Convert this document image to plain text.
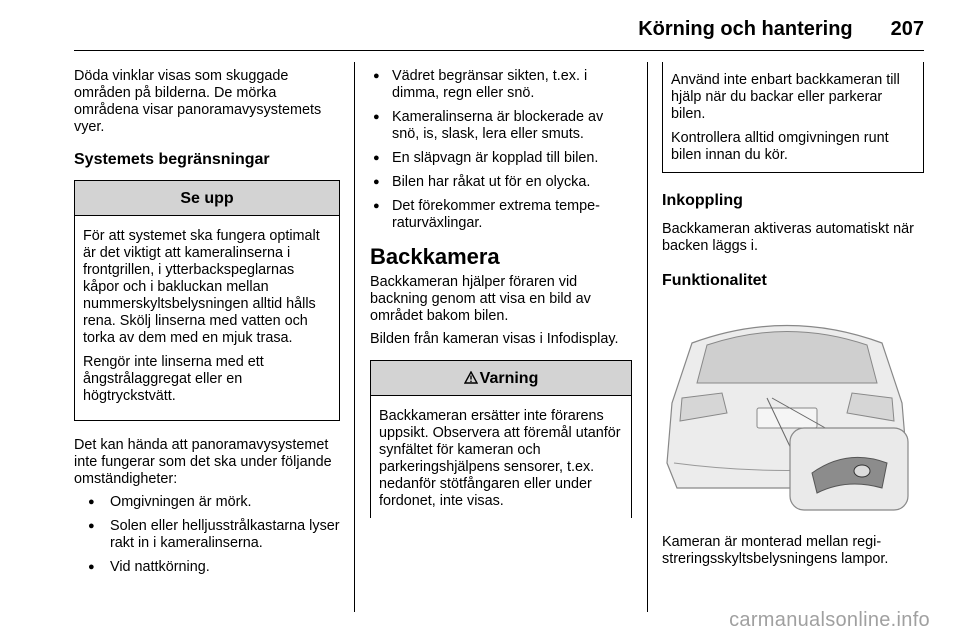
Körning och hantering 207

Döda vinklar visas som skuggade områden på bilderna. De mörka områdena visar panoramavysystemets vyer.

Systemets begränsningar
Se upp

För att systemet ska fungera optimalt är det viktigt att kameralinserna i frontgrillen, i ytterbackspeglarnas kåpor och i bakluckan mellan nummerskyltsbelysningen alltid hålls rena. Skölj linserna med vatten och torka av dem med en mjuk trasa.

Rengör inte linserna med ett ångstrålaggregat eller en högtryckstvätt.

Det kan hända att panoramavysystemet inte fungerar som det ska under följande omständigheter:

● Omgivningen är mörk.
● Solen eller helljusstrålkastarna lyser rakt in i kameralinserna.
● Vid nattkörning.
● Vädret begränsar sikten, t.ex. i dimma, regn eller snö.
● Kameralinserna är blockerade av snö, is, slask, lera eller smuts.
● En släpvagn är kopplad till bilen.
● Bilen har råkat ut för en olycka.
● Det förekommer extrema temperaturväxlingar.
Backkamera

Backkameran hjälper föraren vid backning genom att visa en bild av området bakom bilen.

Bilden från kameran visas i Infodisplay.

Varning

Backkameran ersätter inte förarens uppsikt. Observera att föremål utanför synfältet för kameran och parkeringshjälpens sensorer, t.ex. nedanför stötfångaren eller under fordonet, inte visas.

Använd inte enbart backkameran till hjälp när du backar eller parkerar bilen.

Kontrollera alltid omgivningen runt bilen innan du kör.

Inkoppling

Backkameran aktiveras automatiskt när backen läggs i.

Funktionalitet

Kameran är monterad mellan registreringsskyltsbelysningens lampor.

carmanualsonline.info
